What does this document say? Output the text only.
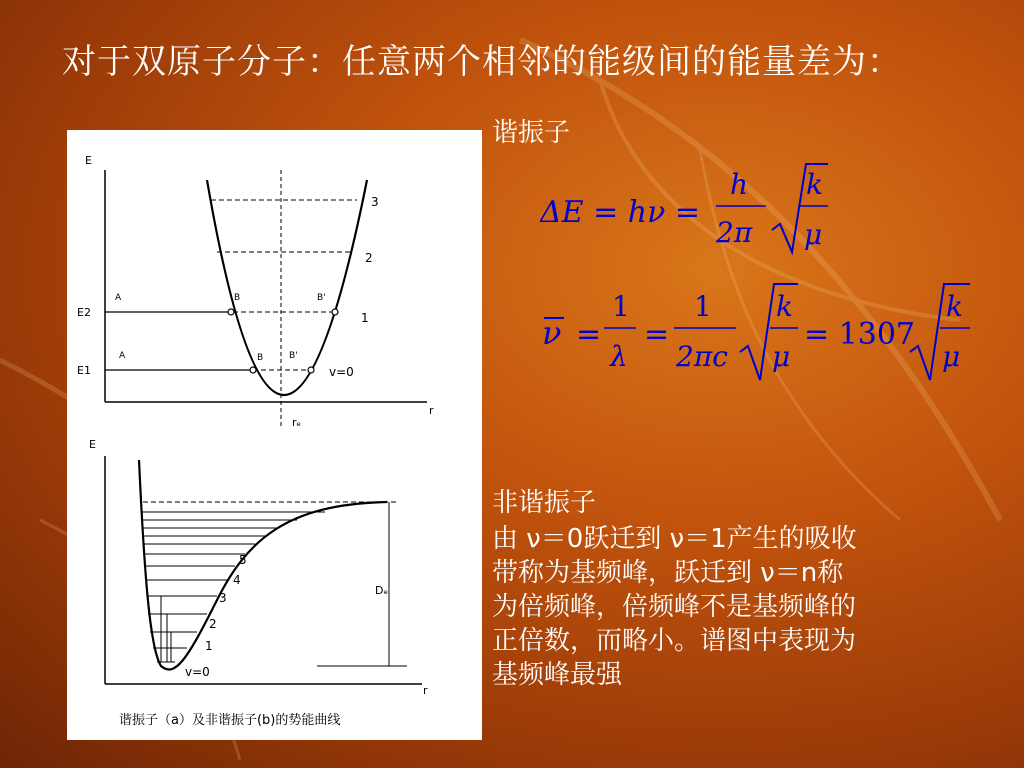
对于双原子分子：任意两个相邻的能级间的能量差为：
谐振子
ΔE = hν =
h
2π
k
μ
ν =
1
λ
=
1
2πc
k
μ
= 1307
k
μ
E
r
rₑ
3
2
E2
A	B	B'
1
E1
A	B	B'
v=0
E
r
5
4
3
2
1
v=0
Dₑ
谐振子（a）及非谐振子(b)的势能曲线
非谐振子
由 ν＝0跃迁到 ν＝1产生的吸收
带称为基频峰，跃迁到 ν＝n称
为倍频峰，倍频峰不是基频峰的
正倍数，而略小。谱图中表现为
基频峰最强
